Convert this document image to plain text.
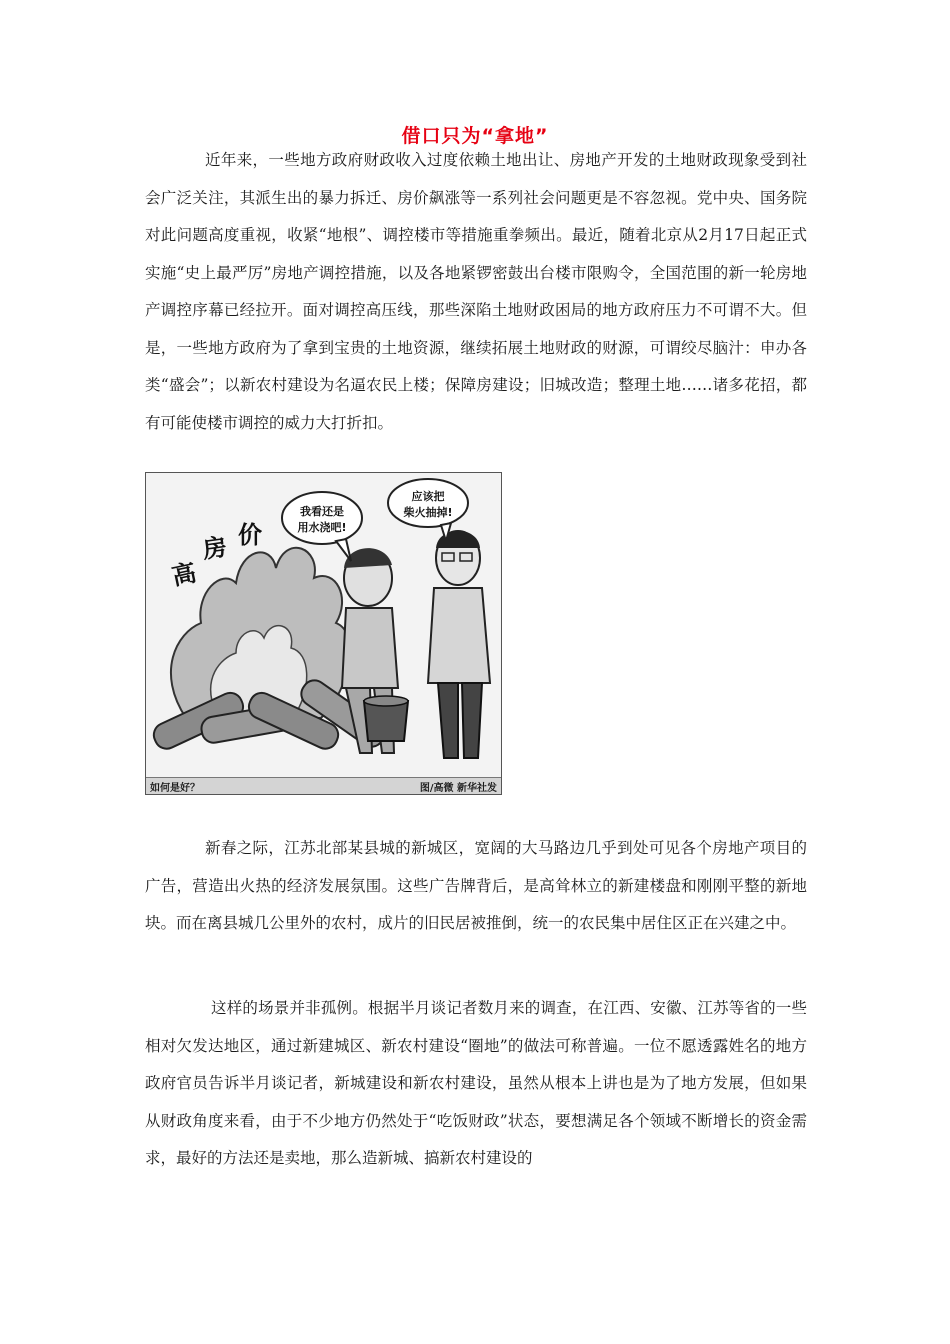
借口只为“拿地”

近年来，一些地方政府财政收入过度依赖土地出让、房地产开发的土地财政现象受到社会广泛关注，其派生出的暴力拆迁、房价飙涨等一系列社会问题更是不容忽视。党中央、国务院对此问题高度重视，收紧“地根”、调控楼市等措施重拳频出。最近，随着北京从2月17日起正式实施“史上最严厉”房地产调控措施，以及各地紧锣密鼓出台楼市限购令，全国范围的新一轮房地产调控序幕已经拉开。面对调控高压线，那些深陷土地财政困局的地方政府压力不可谓不大。但是，一些地方政府为了拿到宝贵的土地资源，继续拓展土地财政的财源，可谓绞尽脑汁：申办各类“盛会”；以新农村建设为名逼农民上楼；保障房建设；旧城改造；整理土地……诸多花招，都有可能使楼市调控的威力大打折扣。

高
房 价
我看还是
用水浇吧!
应该把
柴火抽掉!
如何是好？	图/高微 新华社发

新春之际，江苏北部某县城的新城区，宽阔的大马路边几乎到处可见各个房地产项目的广告，营造出火热的经济发展氛围。这些广告牌背后，是高耸林立的新建楼盘和刚刚平整的新地块。而在离县城几公里外的农村，成片的旧民居被推倒，统一的农民集中居住区正在兴建之中。

这样的场景并非孤例。根据半月谈记者数月来的调查，在江西、安徽、江苏等省的一些相对欠发达地区，通过新建城区、新农村建设“圈地”的做法可称普遍。一位不愿透露姓名的地方政府官员告诉半月谈记者，新城建设和新农村建设，虽然从根本上讲也是为了地方发展，但如果从财政角度来看，由于不少地方仍然处于“吃饭财政”状态，要想满足各个领域不断增长的资金需求，最好的方法还是卖地，那么造新城、搞新农村建设的
